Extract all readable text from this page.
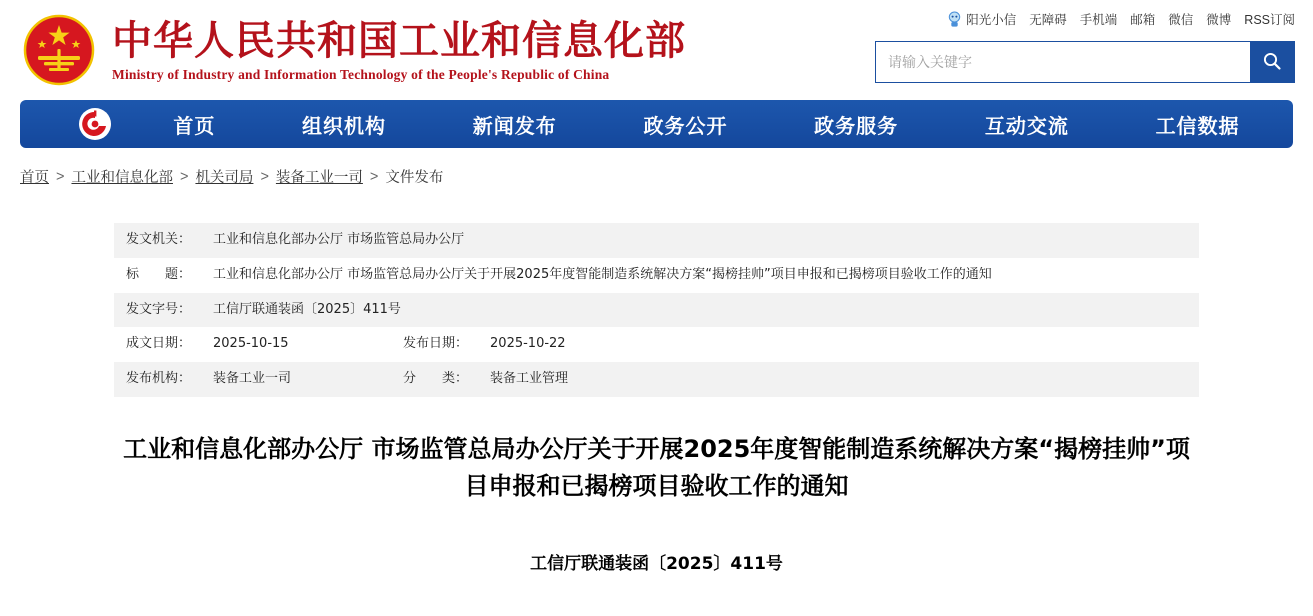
中华人民共和国工业和信息化部
Ministry of Industry and Information Technology of the People's Republic of China
阳光小信 无障碍 手机端 邮箱 微信 微博 RSS订阅
请输入关键字
首页	组织机构	新闻发布	政务公开	政务服务	互动交流	工信数据
首页 > 工业和信息化部 > 机关司局 > 装备工业一司 > 文件发布
发文机关：	工业和信息化部办公厅 市场监管总局办公厅		
标　　题：	工业和信息化部办公厅 市场监管总局办公厅关于开展2025年度智能制造系统解决方案“揭榜挂帅”项目申报和已揭榜项目验收工作的通知		
发文字号：	工信厅联通装函〔2025〕411号		
成文日期：	2025-10-15	发布日期：	2025-10-22
发布机构：	装备工业一司	分　　类：	装备工业管理
工业和信息化部办公厅 市场监管总局办公厅关于开展2025年度智能制造系统解决方案“揭榜挂帅”项目申报和已揭榜项目验收工作的通知
工信厅联通装函〔2025〕411号
